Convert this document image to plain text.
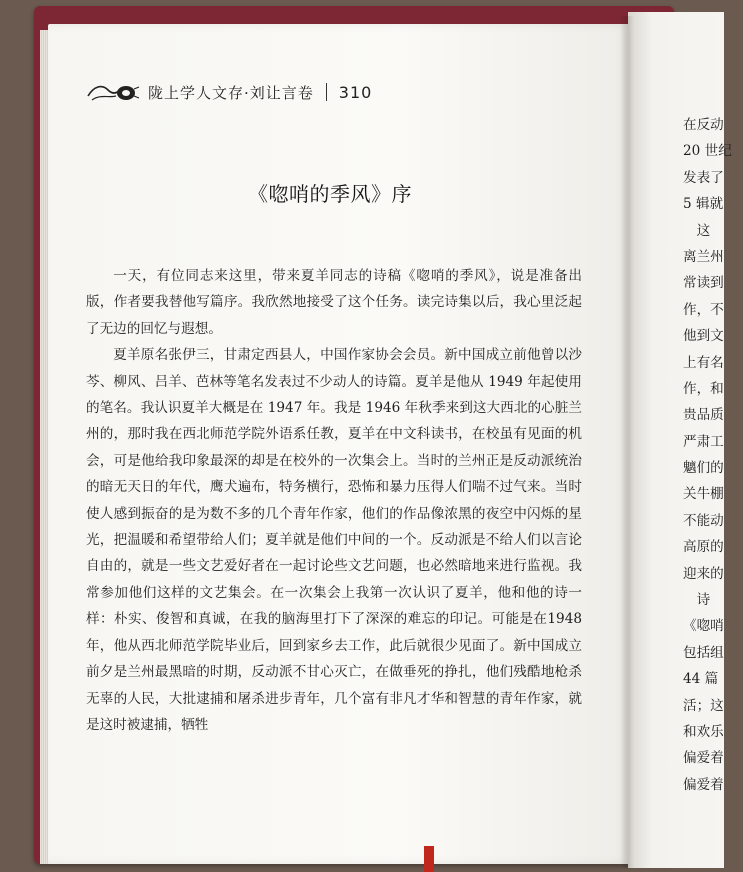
陇上学人文存·刘让言卷 310
《唿哨的季风》序

一天，有位同志来这里，带来夏羊同志的诗稿《唿哨的季风》，说是准备出版，作者要我替他写篇序。我欣然地接受了这个任务。读完诗集以后，我心里泛起了无边的回忆与遐想。

夏羊原名张伊三，甘肃定西县人，中国作家协会会员。新中国成立前他曾以沙芩、柳风、吕羊、芭林等笔名发表过不少动人的诗篇。夏羊是他从 1949 年起使用的笔名。我认识夏羊大概是在 1947 年。我是 1946 年秋季来到这大西北的心脏兰州的，那时我在西北师范学院外语系任教，夏羊在中文科读书，在校虽有见面的机会，可是他给我印象最深的却是在校外的一次集会上。当时的兰州正是反动派统治的暗无天日的年代，鹰犬遍布，特务横行，恐怖和暴力压得人们喘不过气来。当时使人感到振奋的是为数不多的几个青年作家，他们的作品像浓黑的夜空中闪烁的星光，把温暖和希望带给人们；夏羊就是他们中间的一个。反动派是不给人们以言论自由的，就是一些文艺爱好者在一起讨论些文艺问题，也必然暗地来进行监视。我常参加他们这样的文艺集会。在一次集会上我第一次认识了夏羊，他和他的诗一样：朴实、俊智和真诚，在我的脑海里打下了深深的难忘的印记。可能是在1948 年，他从西北师范学院毕业后，回到家乡去工作，此后就很少见面了。新中国成立前夕是兰州最黑暗的时期，反动派不甘心灭亡，在做垂死的挣扎，他们残酷地枪杀无辜的人民，大批逮捕和屠杀进步青年，几个富有非凡才华和智慧的青年作家，就是这时被逮捕，牺牲

在反动
20 世纪
发表了
5 辑就
　这
离兰州
常读到
作，不
他到文
上有名
作，和
贵品质
严肃工
魑们的
关牛棚
不能动
高原的
迎来的
　诗
《唿哨
包括组
44 篇
活；这
和欢乐
偏爱着
偏爱着
